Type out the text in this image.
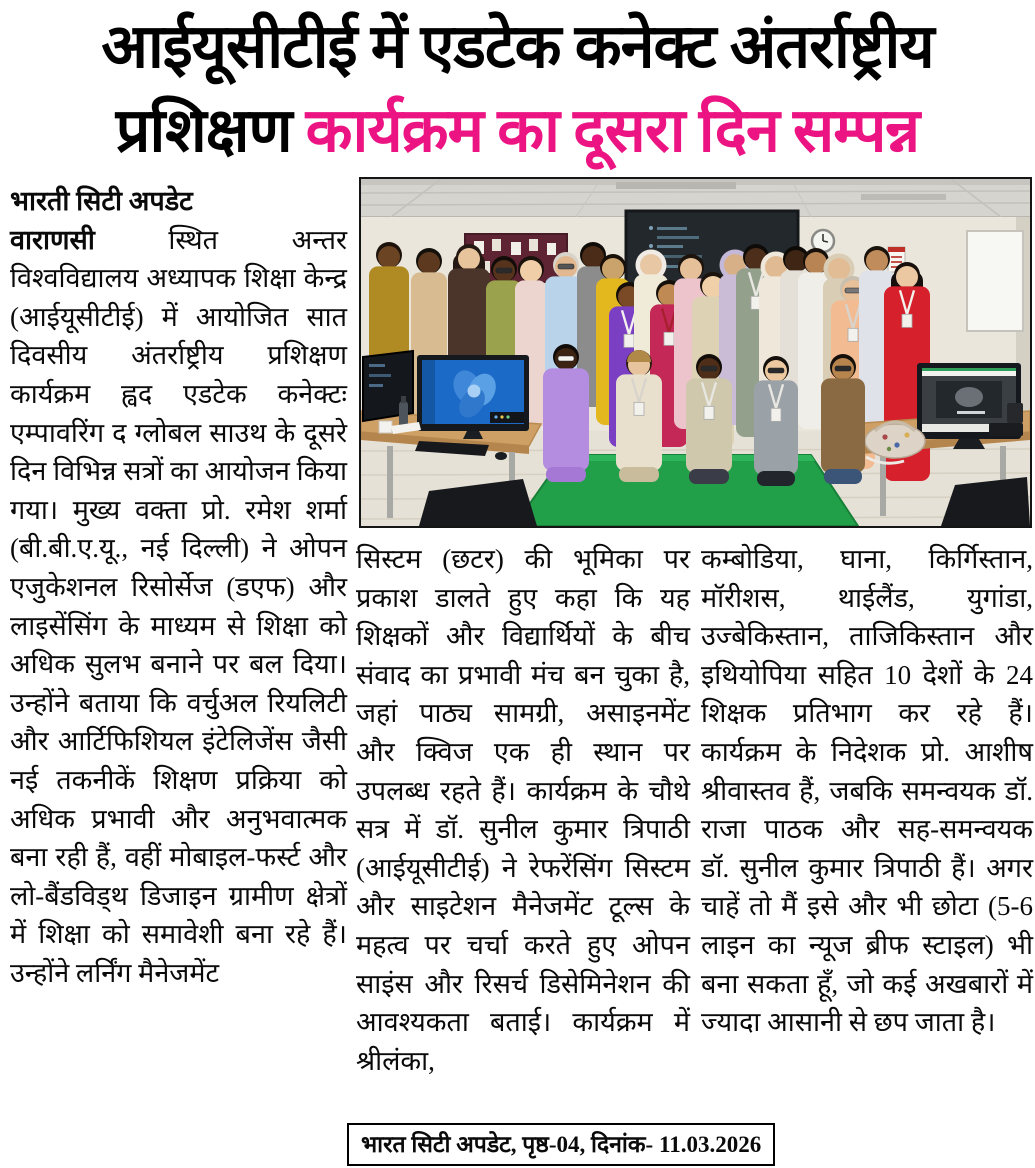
आईयूसीटीई में एडटेक कनेक्ट अंतर्राष्ट्रीय
प्रशिक्षण कार्यक्रम का दूसरा दिन सम्पन्न

भारती सिटी अपडेट

वाराणसी	स्थित अन्तर विश्वविद्यालय अध्यापक शिक्षा केन्द्र (आईयूसीटीई) में आयोजित सात दिवसीय अंतर्राष्ट्रीय प्रशिक्षण कार्यक्रम ह्वद एडटेक कनेक्टः एम्पावरिंग द ग्लोबल साउथ के दूसरे दिन विभिन्न सत्रों का आयोजन किया गया। मुख्य वक्ता प्रो. रमेश शर्मा (बी.बी.ए.यू., नई दिल्ली) ने ओपन एजुकेशनल रिसोर्सेज (डएफ) और लाइसेंसिंग के माध्यम से शिक्षा को अधिक सुलभ बनाने पर बल दिया। उन्होंने बताया कि वर्चुअल रियलिटी और आर्टिफिशियल इंटेलिजेंस जैसी नई तकनीकें शिक्षण प्रक्रिया को अधिक प्रभावी और अनुभवात्मक बना रही हैं, वहीं मोबाइल-फर्स्ट और लो-बैंडविड्थ डिजाइन ग्रामीण क्षेत्रों में शिक्षा को समावेशी बना रहे हैं। उन्होंने लर्निंग मैनेजमेंट

सिस्टम (छटर) की भूमिका पर प्रकाश डालते हुए कहा कि यह शिक्षकों और विद्यार्थियों के बीच संवाद का प्रभावी मंच बन चुका है, जहां पाठ्य सामग्री, असाइनमेंट और क्विज एक ही स्थान पर उपलब्ध रहते हैं। कार्यक्रम के चौथे सत्र में डॉ. सुनील कुमार त्रिपाठी (आईयूसीटीई) ने रेफरेंसिंग सिस्टम और साइटेशन मैनेजमेंट टूल्स के महत्व पर चर्चा करते हुए ओपन साइंस और रिसर्च डिसेमिनेशन की आवश्यकता बताई। कार्यक्रम में श्रीलंका,

कम्बोडिया, घाना, किर्गिस्तान, मॉरीशस, थाईलैंड, युगांडा, उज्बेकिस्तान, ताजिकिस्तान और इथियोपिया सहित 10 देशों के 24 शिक्षक प्रतिभाग कर रहे हैं। कार्यक्रम के निदेशक प्रो. आशीष श्रीवास्तव हैं, जबकि समन्वयक डॉ. राजा पाठक और सह-समन्वयक डॉ. सुनील कुमार त्रिपाठी हैं। अगर चाहें तो मैं इसे और भी छोटा (5-6 लाइन का न्यूज ब्रीफ स्टाइल) भी बना सकता हूँ, जो कई अखबारों में ज्यादा आसानी से छप जाता है।

भारत सिटी अपडेट, पृष्ठ-04, दिनांक- 11.03.2026
